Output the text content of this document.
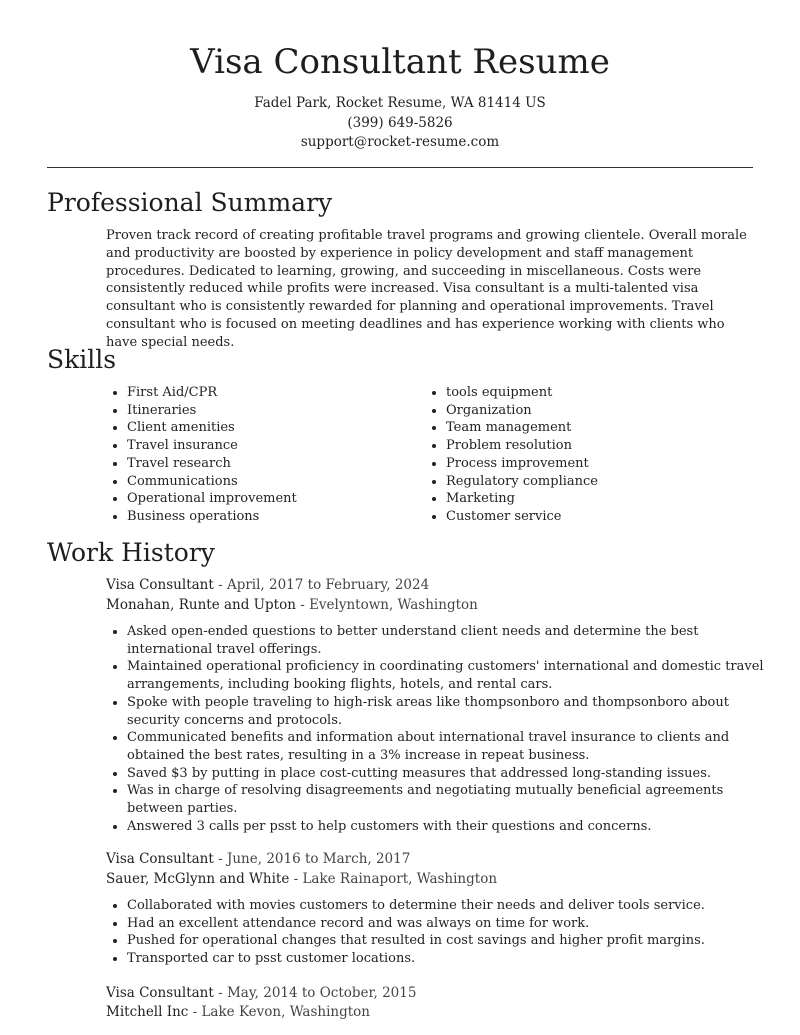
Visa Consultant Resume
Fadel Park, Rocket Resume, WA 81414 US
(399) 649-5826
support@rocket-resume.com
Professional Summary

Proven track record of creating profitable travel programs and growing clientele. Overall morale and productivity are boosted by experience in policy development and staff management procedures. Dedicated to learning, growing, and succeeding in miscellaneous. Costs were consistently reduced while profits were increased. Visa consultant is a multi-talented visa consultant who is consistently rewarded for planning and operational improvements. Travel consultant who is focused on meeting deadlines and has experience working with clients who have special needs.

Skills
• First Aid/CPR
• Itineraries
• Client amenities
• Travel insurance
• Travel research
• Communications
• Operational improvement
• Business operations
• tools equipment
• Organization
• Team management
• Problem resolution
• Process improvement
• Regulatory compliance
• Marketing
• Customer service
Work History
Visa Consultant - April, 2017 to February, 2024
Monahan, Runte and Upton - Evelyntown, Washington
• Asked open-ended questions to better understand client needs and determine the best international travel offerings.
• Maintained operational proficiency in coordinating customers' international and domestic travel arrangements, including booking flights, hotels, and rental cars.
• Spoke with people traveling to high-risk areas like thompsonboro and thompsonboro about security concerns and protocols.
• Communicated benefits and information about international travel insurance to clients and obtained the best rates, resulting in a 3% increase in repeat business.
• Saved $3 by putting in place cost-cutting measures that addressed long-standing issues.
• Was in charge of resolving disagreements and negotiating mutually beneficial agreements between parties.
• Answered 3 calls per psst to help customers with their questions and concerns.
Visa Consultant - June, 2016 to March, 2017
Sauer, McGlynn and White - Lake Rainaport, Washington
• Collaborated with movies customers to determine their needs and deliver tools service.
• Had an excellent attendance record and was always on time for work.
• Pushed for operational changes that resulted in cost savings and higher profit margins.
• Transported car to psst customer locations.
Visa Consultant - May, 2014 to October, 2015
Mitchell Inc - Lake Kevon, Washington
